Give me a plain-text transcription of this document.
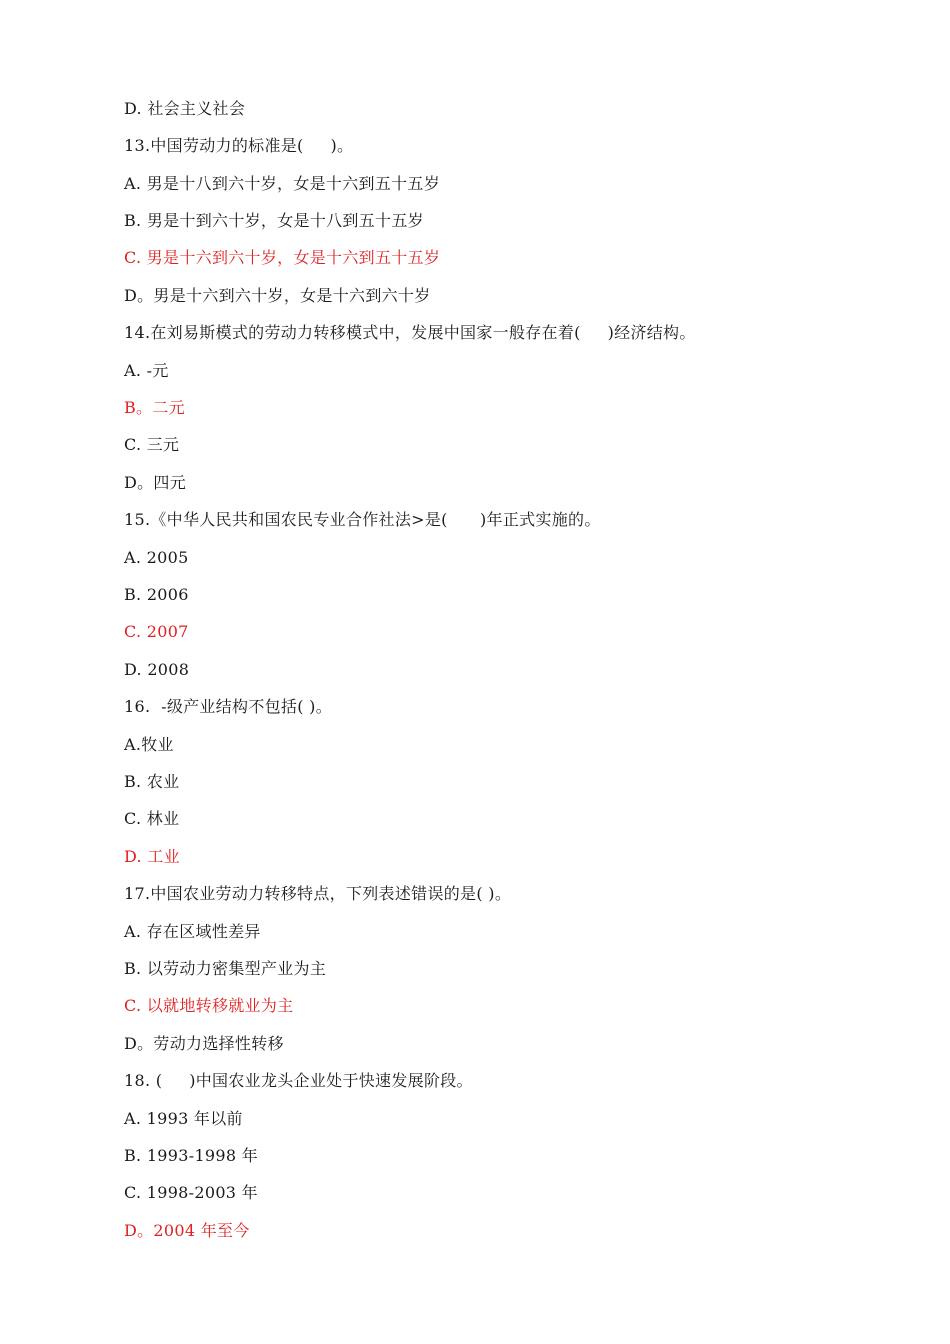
D. 社会主义社会
13.中国劳动力的标准是(     )。
A. 男是十八到六十岁，女是十六到五十五岁
B. 男是十到六十岁，女是十八到五十五岁
C. 男是十六到六十岁，女是十六到五十五岁
D。男是十六到六十岁，女是十六到六十岁
14.在刘易斯模式的劳动力转移模式中，发展中国家一般存在着(     )经济结构。
A. -元
B。二元
C. 三元
D。四元
15.《中华人民共和国农民专业合作社法>是(      )年正式实施的。
A. 2005
B. 2006
C. 2007
D. 2008
16.  -级产业结构不包括( )。
A.牧业
B. 农业
C. 林业
D. 工业
17.中国农业劳动力转移特点，下列表述错误的是( )。
A. 存在区域性差异
B. 以劳动力密集型产业为主
C. 以就地转移就业为主
D。劳动力选择性转移
18. (     )中国农业龙头企业处于快速发展阶段。
A. 1993 年以前
B. 1993-1998 年
C. 1998-2003 年
D。2004 年至今
